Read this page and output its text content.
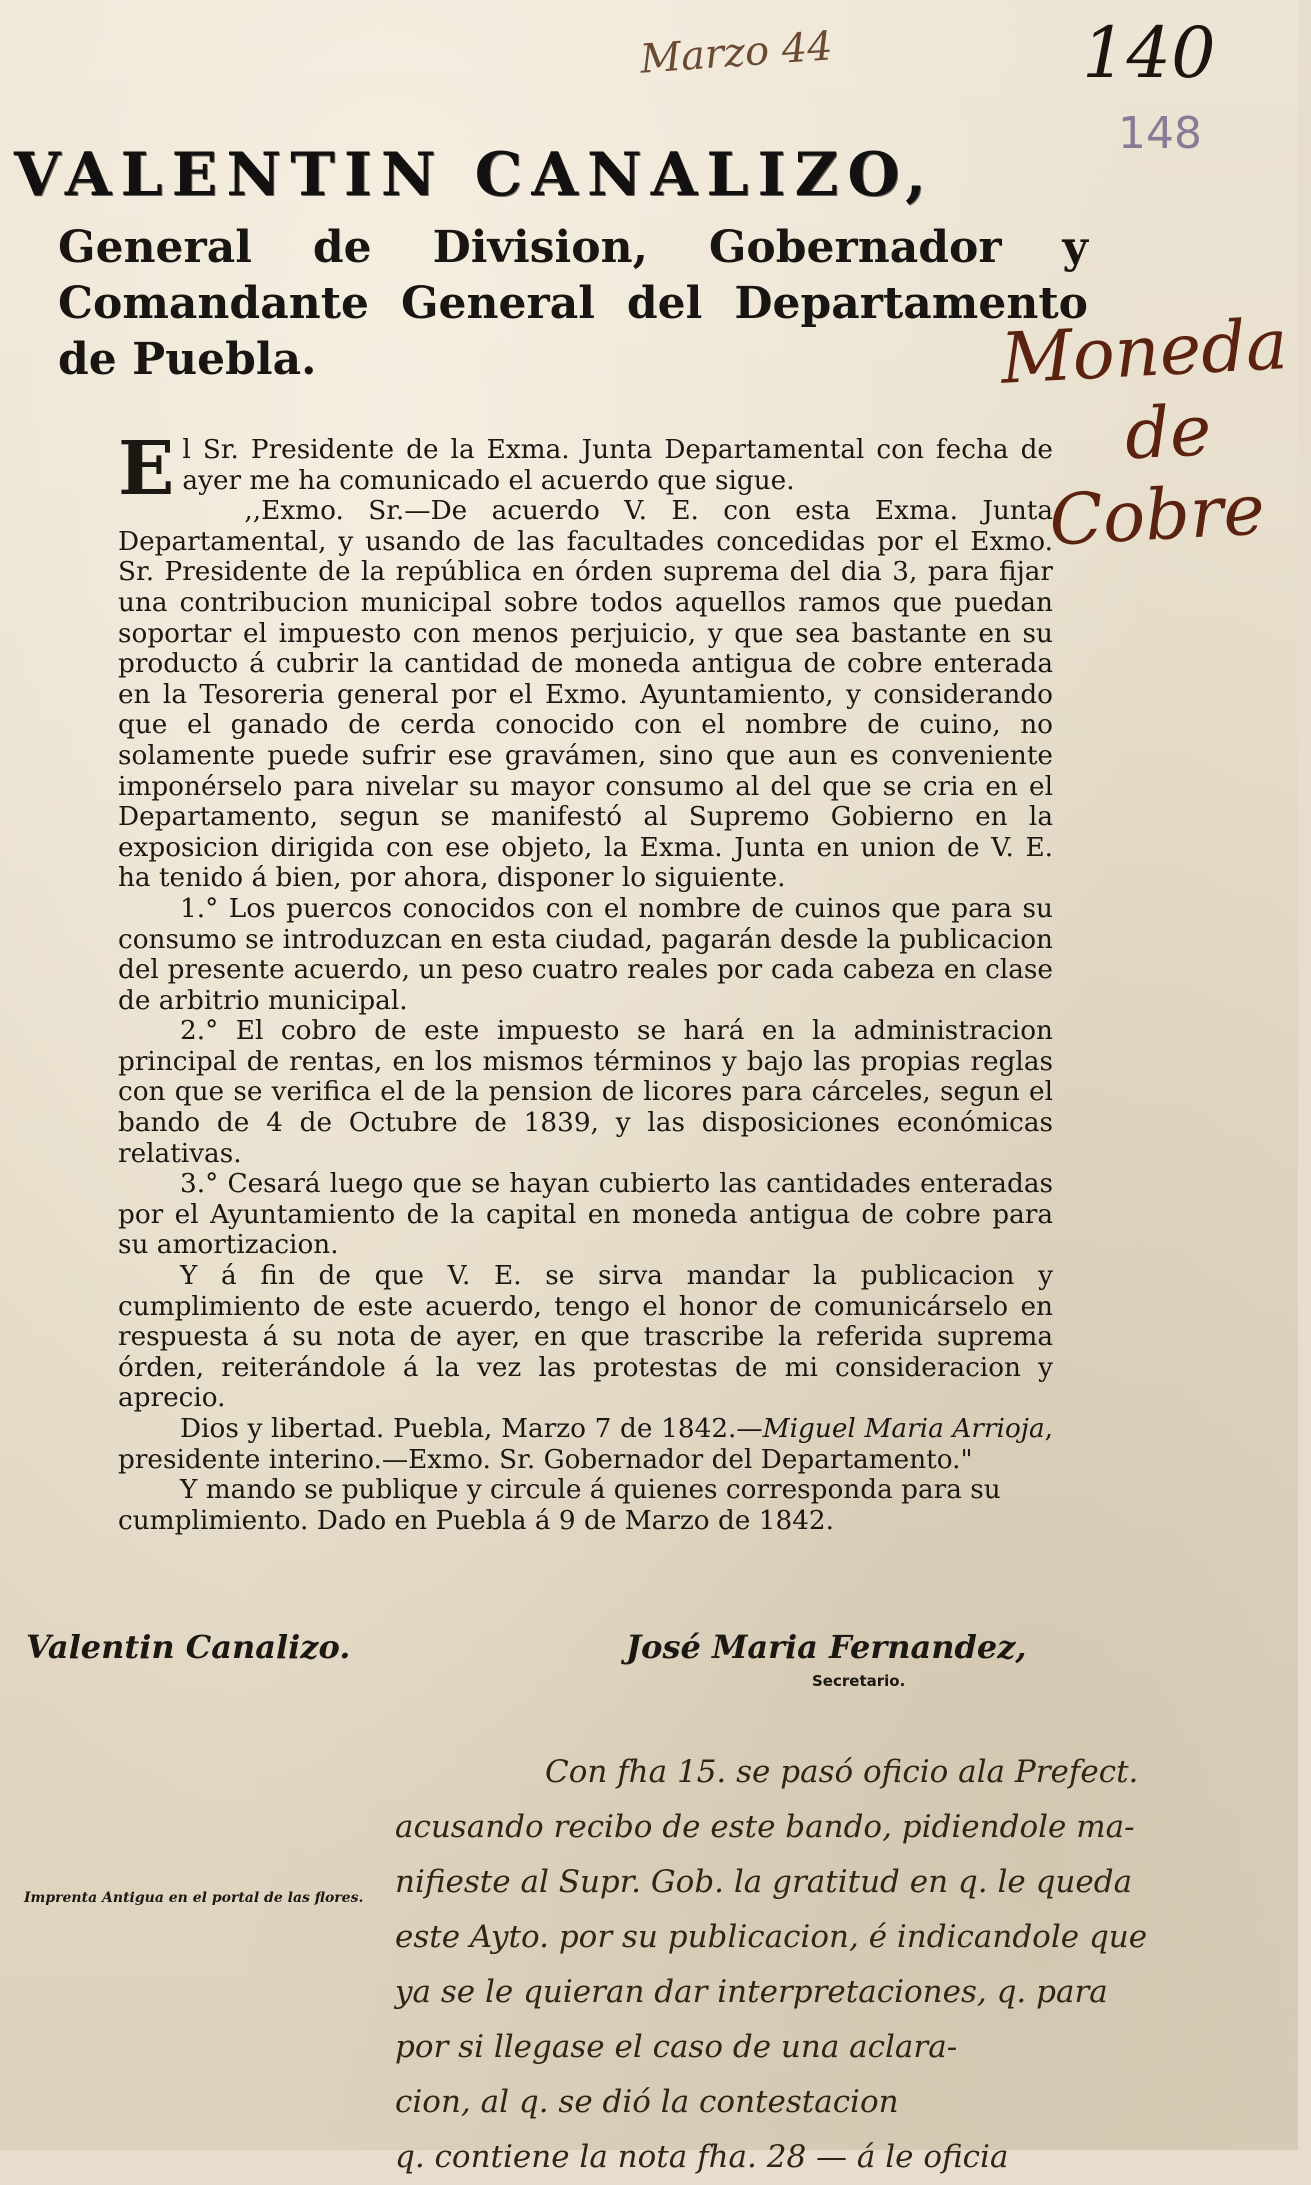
Marzo 44	140
148
Moneda
de
Cobre
VALENTIN CANALIZO,
General de Division, Gobernador y Comandante General del Departamento de Puebla.

El Sr. Presidente de la Exma. Junta Departamental con fecha de ayer me ha comunicado el acuerdo que sigue.

,,Exmo. Sr.—De acuerdo V. E. con esta Exma. Junta Departamental, y usando de las facultades concedidas por el Exmo. Sr. Presidente de la república en órden suprema del dia 3, para fijar una contribucion municipal sobre todos aquellos ramos que puedan soportar el impuesto con menos perjuicio, y que sea bastante en su producto á cubrir la cantidad de moneda antigua de cobre enterada en la Tesoreria general por el Exmo. Ayuntamiento, y considerando que el ganado de cerda conocido con el nombre de cuino, no solamente puede sufrir ese gravámen, sino que aun es conveniente imponérselo para nivelar su mayor consumo al del que se cria en el Departamento, segun se manifestó al Supremo Gobierno en la exposicion dirigida con ese objeto, la Exma. Junta en union de V. E. ha tenido á bien, por ahora, disponer lo siguiente.

1.° Los puercos conocidos con el nombre de cuinos que para su consumo se introduzcan en esta ciudad, pagarán desde la publicacion del presente acuerdo, un peso cuatro reales por cada cabeza en clase de arbitrio municipal.

2.° El cobro de este impuesto se hará en la administracion principal de rentas, en los mismos términos y bajo las propias reglas con que se verifica el de la pension de licores para cárceles, segun el bando de 4 de Octubre de 1839, y las disposiciones económicas relativas.

3.° Cesará luego que se hayan cubierto las cantidades enteradas por el Ayuntamiento de la capital en moneda antigua de cobre para su amortizacion.

Y á fin de que V. E. se sirva mandar la publicacion y cumplimiento de este acuerdo, tengo el honor de comunicárselo en respuesta á su nota de ayer, en que trascribe la referida suprema órden, reiterándole á la vez las protestas de mi consideracion y aprecio.

Dios y libertad. Puebla, Marzo 7 de 1842.—Miguel Maria Arrioja, presidente interino.—Exmo. Sr. Gobernador del Departamento."

Y mando se publique y circule á quienes corresponda para su cumplimiento. Dado en Puebla á 9 de Marzo de 1842.

Valentin Canalizo.	José Maria Fernandez,
Secretario.
Imprenta Antigua en el portal de las flores.
Con fha 15. se pasó oficio ala Prefect.
acusando recibo de este bando, pidiendole ma-
nifieste al Supr. Gob. la gratitud en q. le queda
este Ayto. por su publicacion, é indicandole que
ya se le quieran dar interpretaciones, q. para
por si llegase el caso de una aclara-
cion, al q. se dió la contestacion
q. contiene la nota fha. 28 — á le oficia
